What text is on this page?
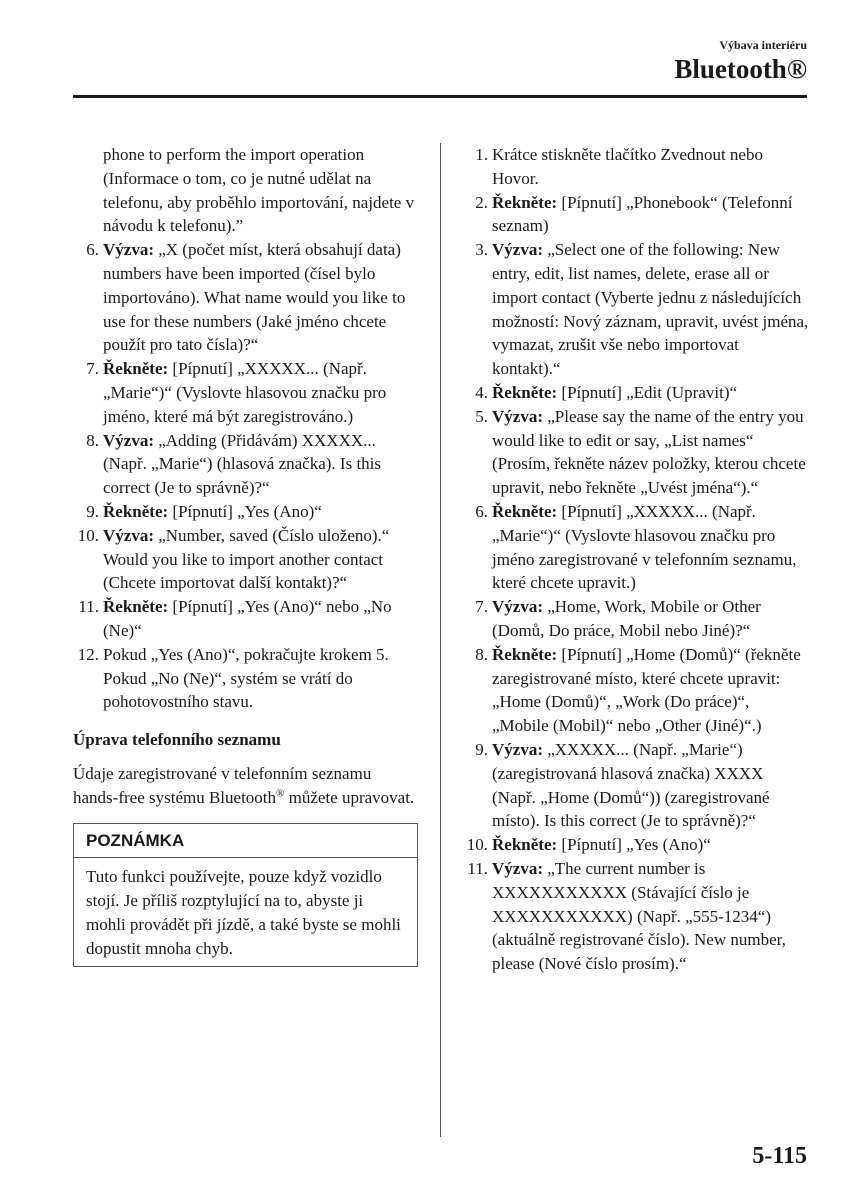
Výbava interiéru
Bluetooth®
phone to perform the import operation (Informace o tom, co je nutné udělat na telefonu, aby proběhlo importování, najdete v návodu k telefonu).”
6. Výzva: „X (počet míst, která obsahují data) numbers have been imported (čísel bylo importováno). What name would you like to use for these numbers (Jaké jméno chcete použít pro tato čísla)?“
7. Řekněte: [Pípnutí] „XXXXX... (Např. „Marie“)“ (Vyslovte hlasovou značku pro jméno, které má být zaregistrováno.)
8. Výzva: „Adding (Přidávám) XXXXX... (Např. „Marie“) (hlasová značka). Is this correct (Je to správně)?“
9. Řekněte: [Pípnutí] „Yes (Ano)“
10. Výzva: „Number, saved (Číslo uloženo).“ Would you like to import another contact (Chcete importovat další kontakt)?“
11. Řekněte: [Pípnutí] „Yes (Ano)“ nebo „No (Ne)“
12. Pokud „Yes (Ano)“, pokračujte krokem 5.
Pokud „No (Ne)“, systém se vrátí do pohotovostního stavu.
Úprava telefonního seznamu
Údaje zaregistrované v telefonním seznamu hands-free systému Bluetooth® můžete upravovat.
POZNÁMKA
Tuto funkci používejte, pouze když vozidlo stojí. Je příliš rozptylující na to, abyste ji mohli provádět při jízdě, a také byste se mohli dopustit mnoha chyb.
1. Krátce stiskněte tlačítko Zvednout nebo Hovor.
2. Řekněte: [Pípnutí] „Phonebook“ (Telefonní seznam)
3. Výzva: „Select one of the following: New entry, edit, list names, delete, erase all or import contact (Vyberte jednu z následujících možností: Nový záznam, upravit, uvést jména, vymazat, zrušit vše nebo importovat kontakt).“
4. Řekněte: [Pípnutí] „Edit (Upravit)“
5. Výzva: „Please say the name of the entry you would like to edit or say, „List names“ (Prosím, řekněte název položky, kterou chcete upravit, nebo řekněte „Uvést jména“).“
6. Řekněte: [Pípnutí] „XXXXX... (Např. „Marie“)“ (Vyslovte hlasovou značku pro jméno zaregistrované v telefonním seznamu, které chcete upravit.)
7. Výzva: „Home, Work, Mobile or Other (Domů, Do práce, Mobil nebo Jiné)?“
8. Řekněte: [Pípnutí] „Home (Domů)“ (řekněte zaregistrované místo, které chcete upravit: „Home (Domů)“, „Work (Do práce)“, „Mobile (Mobil)“ nebo „Other (Jiné)“.)
9. Výzva: „XXXXX... (Např. „Marie“) (zaregistrovaná hlasová značka) XXXX (Např. „Home (Domů“)) (zaregistrované místo). Is this correct (Je to správně)?“
10. Řekněte: [Pípnutí] „Yes (Ano)“
11. Výzva: „The current number is XXXXXXXXXXX (Stávající číslo je XXXXXXXXXXX) (Např. „555-1234“) (aktuálně registrované číslo). New number, please (Nové číslo prosím).“
5-115
